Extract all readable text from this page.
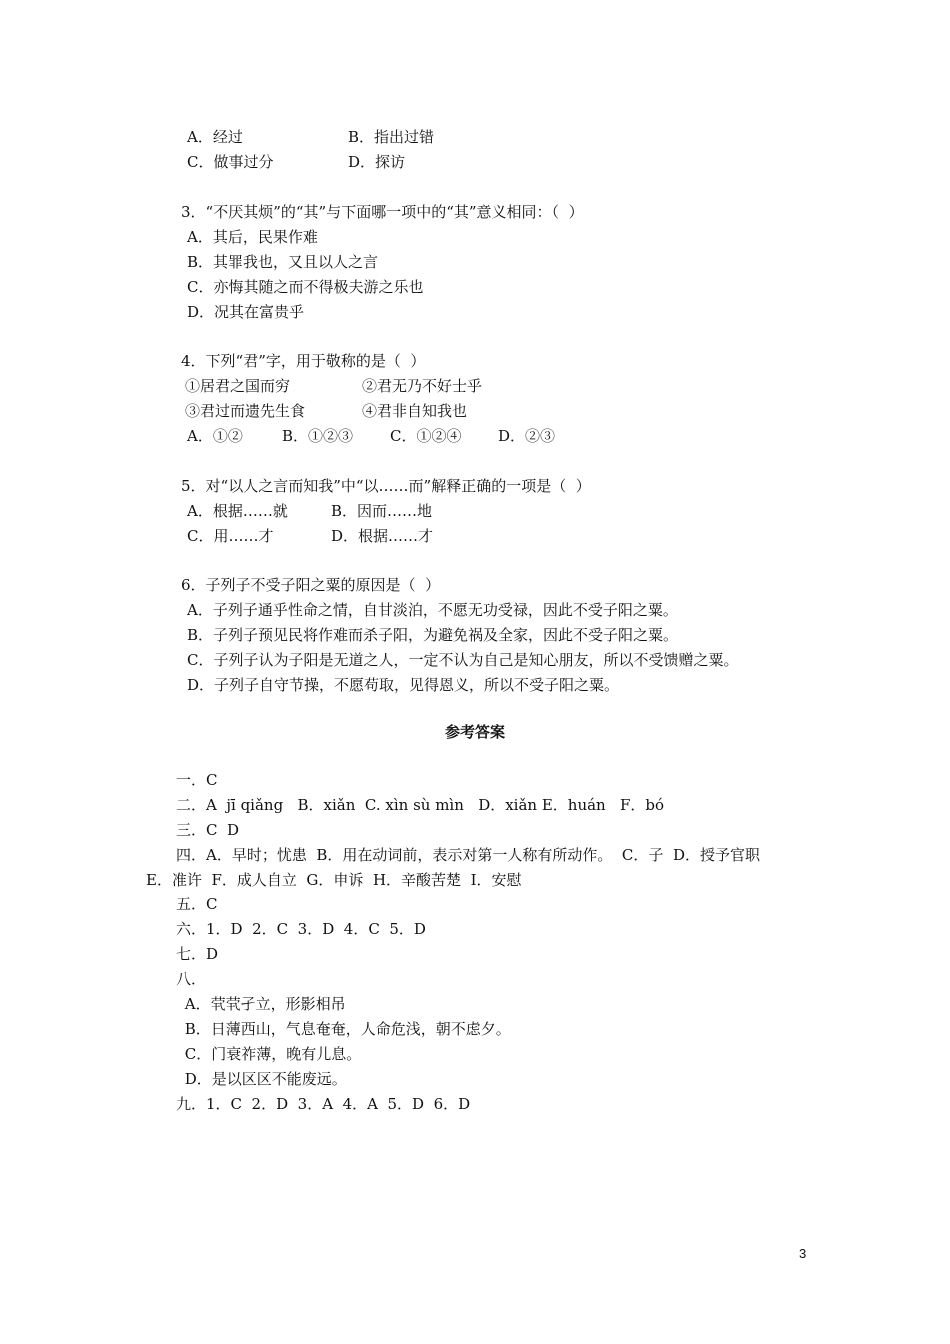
A．经过	B．指出过错
C．做事过分	D．探访
3．“不厌其烦”的“其”与下面哪一项中的“其”意义相同：（  ）
A．其后，民果作难
B．其罪我也，又且以人之言
C．亦悔其随之而不得极夫游之乐也
D．况其在富贵乎
4．下列“君”字，用于敬称的是（  ）
①居君之国而穷	②君无乃不好士乎
③君过而遗先生食	④君非自知我也
A．①②	B．①②③ C．①②④ D．②③
5．对“以人之言而知我”中“以……而”解释正确的一项是（  ）
A．根据……就	B．因而……地
C．用……才	D．根据……才
6．子列子不受子阳之粟的原因是（  ）
A．子列子通乎性命之情，自甘淡泊，不愿无功受禄，因此不受子阳之粟。
B．子列子预见民将作难而杀子阳，为避免祸及全家，因此不受子阳之粟。
C．子列子认为子阳是无道之人，一定不认为自己是知心朋友，所以不受馈赠之粟。
D．子列子自守节操，不愿苟取，见得恩义，所以不受子阳之粟。
参考答案
一．C
二．A  jī qiǎng   B．xiǎn  C. xìn sù mìn   D．xiǎn E．huán   F．bó
三．C  D
四．A．早时；忧患  B．用在动词前，表示对第一人称有所动作。  C．子  D．授予官职
E．准许  F．成人自立  G．申诉  H．辛酸苦楚  I．安慰
五．C
六．1．D  2．C  3．D  4．C  5．D
七．D
八．
A．茕茕孑立，形影相吊
B．日薄西山，气息奄奄，人命危浅，朝不虑夕。
C．门衰祚薄，晚有儿息。
D．是以区区不能废远。
九．1．C  2．D  3．A  4．A  5．D  6．D
3
